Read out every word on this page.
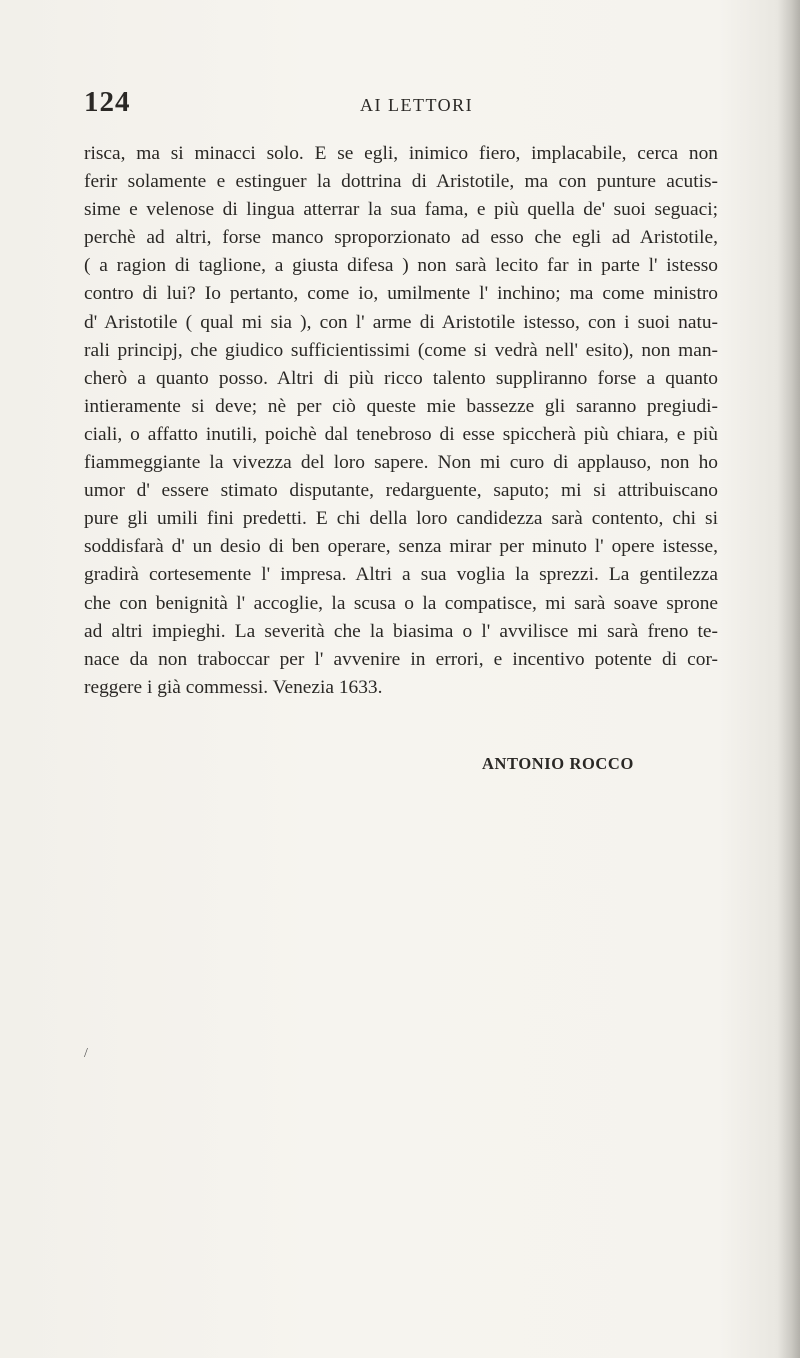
124	AI LETTORI
risca, ma si minacci solo. E se egli, inimico fiero, implacabile, cerca non
ferir solamente e estinguer la dottrina di Aristotile, ma con punture acutis-
sime e velenose di lingua atterrar la sua fama, e più quella de' suoi seguaci;
perchè ad altri, forse manco sproporzionato ad esso che egli ad Aristotile,
( a ragion di taglione, a giusta difesa ) non sarà lecito far in parte l' istesso
contro di lui? Io pertanto, come io, umilmente l' inchino; ma come ministro
d' Aristotile ( qual mi sia ), con l' arme di Aristotile istesso, con i suoi natu-
rali principj, che giudico sufficientissimi (come si vedrà nell' esito), non man-
cherò a quanto posso. Altri di più ricco talento suppliranno forse a quanto
intieramente si deve; nè per ciò queste mie bassezze gli saranno pregiudi-
ciali, o affatto inutili, poichè dal tenebroso di esse spiccherà più chiara, e più
fiammeggiante la vivezza del loro sapere. Non mi curo di applauso, non ho
umor d' essere stimato disputante, redarguente, saputo; mi si attribuiscano
pure gli umili fini predetti. E chi della loro candidezza sarà contento, chi si
soddisfarà d' un desio di ben operare, senza mirar per minuto l' opere istesse,
gradirà cortesemente l' impresa. Altri a sua voglia la sprezzi. La gentilezza
che con benignità l' accoglie, la scusa o la compatisce, mi sarà soave sprone
ad altri impieghi. La severità che la biasima o l' avvilisce mi sarà freno te-
nace da non traboccar per l' avvenire in errori, e incentivo potente di cor-
reggere i già commessi. Venezia 1633.
ANTONIO ROCCO
/
